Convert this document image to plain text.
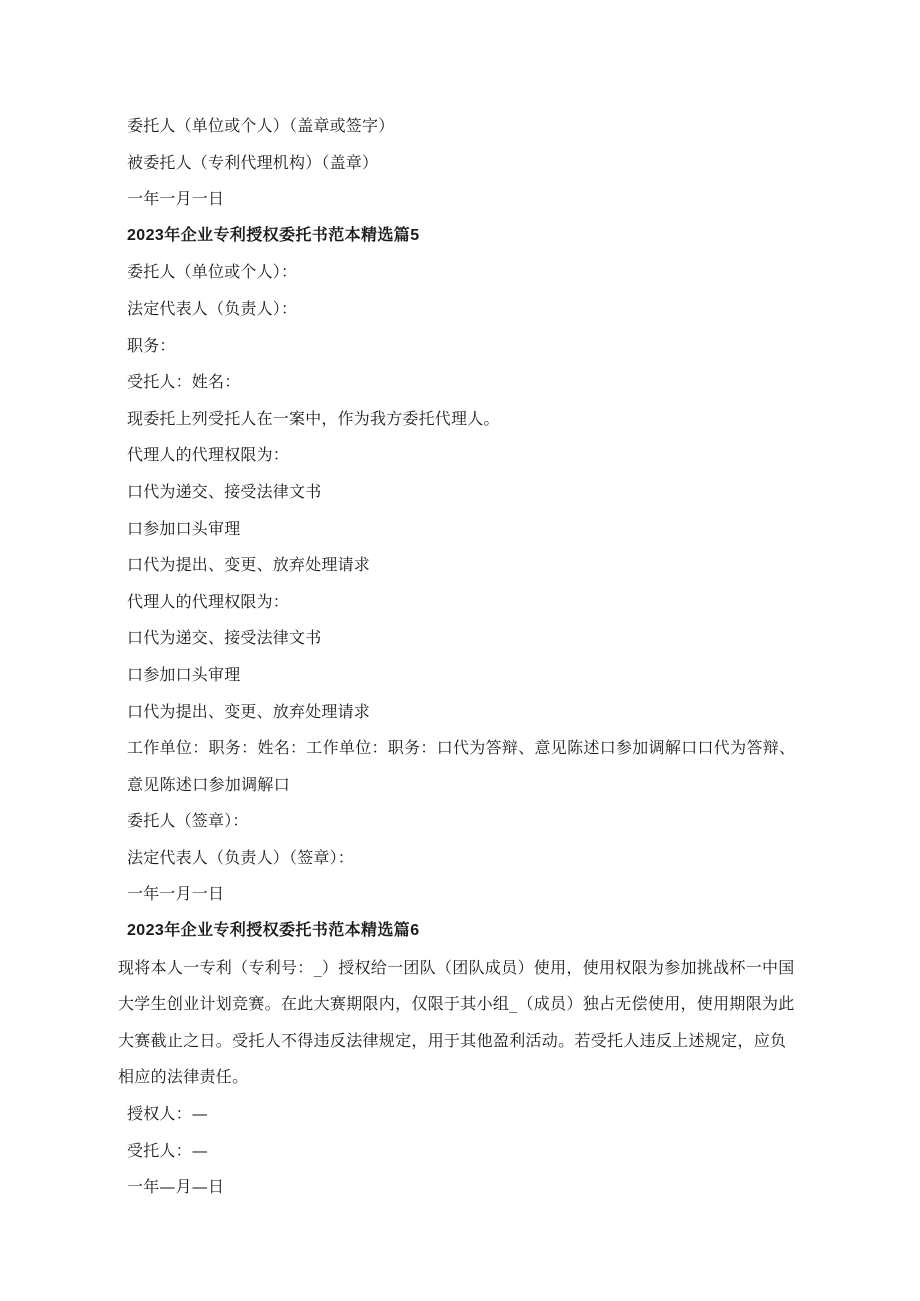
委托人（单位或个人）（盖章或签字）
被委托人（专利代理机构）（盖章）
一年一月一日
2023年企业专利授权委托书范本精选篇5
委托人（单位或个人）：
法定代表人（负责人）：
职务：
受托人：姓名：
现委托上列受托人在一案中，作为我方委托代理人。
代理人的代理权限为：
口代为递交、接受法律文书
口参加口头审理
口代为提出、变更、放弃处理请求
代理人的代理权限为：
口代为递交、接受法律文书
口参加口头审理
口代为提出、变更、放弃处理请求
工作单位：职务：姓名：工作单位：职务：口代为答辩、意见陈述口参加调解口口代为答辩、意见陈述口参加调解口
委托人（签章）：
法定代表人（负责人）（签章）：
一年一月一日
2023年企业专利授权委托书范本精选篇6
现将本人一专利（专利号：_）授权给一团队（团队成员）使用，使用权限为参加挑战杯一中国大学生创业计划竞赛。在此大赛期限内，仅限于其小组_（成员）独占无偿使用，使用期限为此大赛截止之日。受托人不得违反法律规定，用于其他盈利活动。若受托人违反上述规定，应负相应的法律责任。
授权人：—
受托人：—
一年—月—日
